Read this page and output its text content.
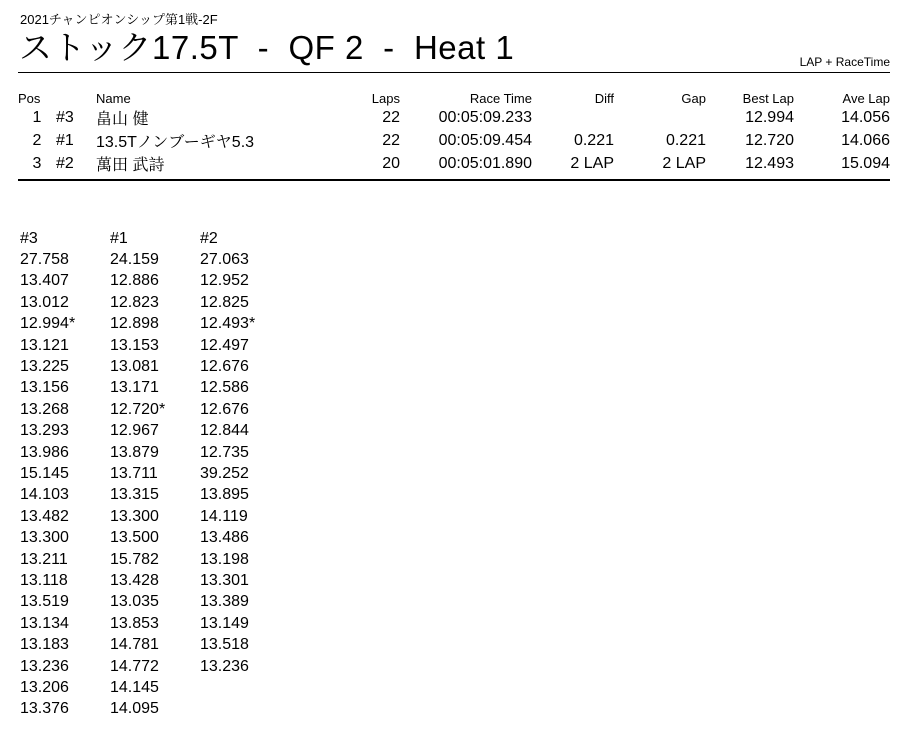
2021チャンピオンシップ第1戦-2F
ストック17.5T  -  QF 2  -  Heat 1	LAP + RaceTime
Pos		Name	Laps	Race Time	Diff	Gap	Best Lap	Ave Lap
1	#3	畠山 健	22	00:05:09.233			12.994	14.056
2	#1	13.5Tノンブーギヤ5.3	22	00:05:09.454	0.221	0.221	12.720	14.066
3	#2	萬田 武詩	20	00:05:01.890	2 LAP	2 LAP	12.493	15.094
#3	#1	#2
27.758	24.159	27.063
13.407	12.886	12.952
13.012	12.823	12.825
12.994*	12.898	12.493*
13.121	13.153	12.497
13.225	13.081	12.676
13.156	13.171	12.586
13.268	12.720*	12.676
13.293	12.967	12.844
13.986	13.879	12.735
15.145	13.711	39.252
14.103	13.315	13.895
13.482	13.300	14.119
13.300	13.500	13.486
13.211	15.782	13.198
13.118	13.428	13.301
13.519	13.035	13.389
13.134	13.853	13.149
13.183	14.781	13.518
13.236	14.772	13.236
13.206	14.145	
13.376	14.095	
